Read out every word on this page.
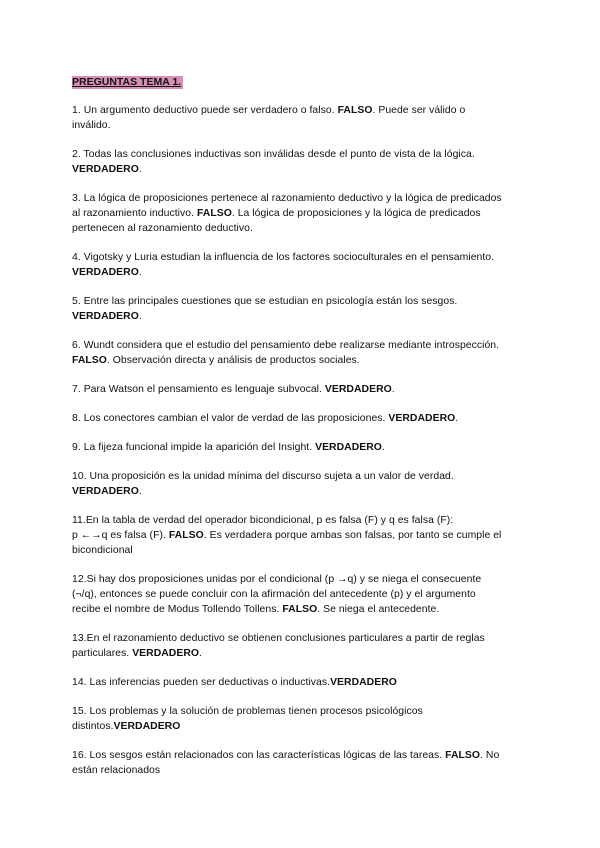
PREGUNTAS TEMA 1.
1. Un argumento deductivo puede ser verdadero o falso. FALSO. Puede ser válido o
inválido.
2. Todas las conclusiones inductivas son inválidas desde el punto de vista de la lógica.
VERDADERO.
3. La lógica de proposiciones pertenece al razonamiento deductivo y la lógica de predicados
al razonamiento inductivo. FALSO. La lógica de proposiciones y la lógica de predicados
pertenecen al razonamiento deductivo.
4. Vigotsky y Luria estudian la influencia de los factores socioculturales en el pensamiento.
VERDADERO.
5. Entre las principales cuestiones que se estudian en psicología están los sesgos.
VERDADERO.
6. Wundt considera que el estudio del pensamiento debe realizarse mediante introspección.
FALSO. Observación directa y análisis de productos sociales.
7. Para Watson el pensamiento es lenguaje subvocal. VERDADERO.
8. Los conectores cambian el valor de verdad de las proposiciones. VERDADERO.
9. La fijeza funcional impide la aparición del Insight. VERDADERO.
10. Una proposición es la unidad mínima del discurso sujeta a un valor de verdad.
VERDADERO.
11.En la tabla de verdad del operador bicondicional, p es falsa (F) y q es falsa (F):
p ←→q es falsa (F). FALSO. Es verdadera porque ambas son falsas, por tanto se cumple el
bicondicional
12.Si hay dos proposiciones unidas por el condicional (p →q) y se niega el consecuente
(¬/q), entonces se puede concluir con la afirmación del antecedente (p) y el argumento
recibe el nombre de Modus Tollendo Tollens. FALSO. Se niega el antecedente.
13.En el razonamiento deductivo se obtienen conclusiones particulares a partir de reglas
particulares. VERDADERO.
14. Las inferencias pueden ser deductivas o inductivas.VERDADERO
15. Los problemas y la solución de problemas tienen procesos psicológicos
distintos.VERDADERO
16. Los sesgos están relacionados con las características lógicas de las tareas. FALSO. No
están relacionados
